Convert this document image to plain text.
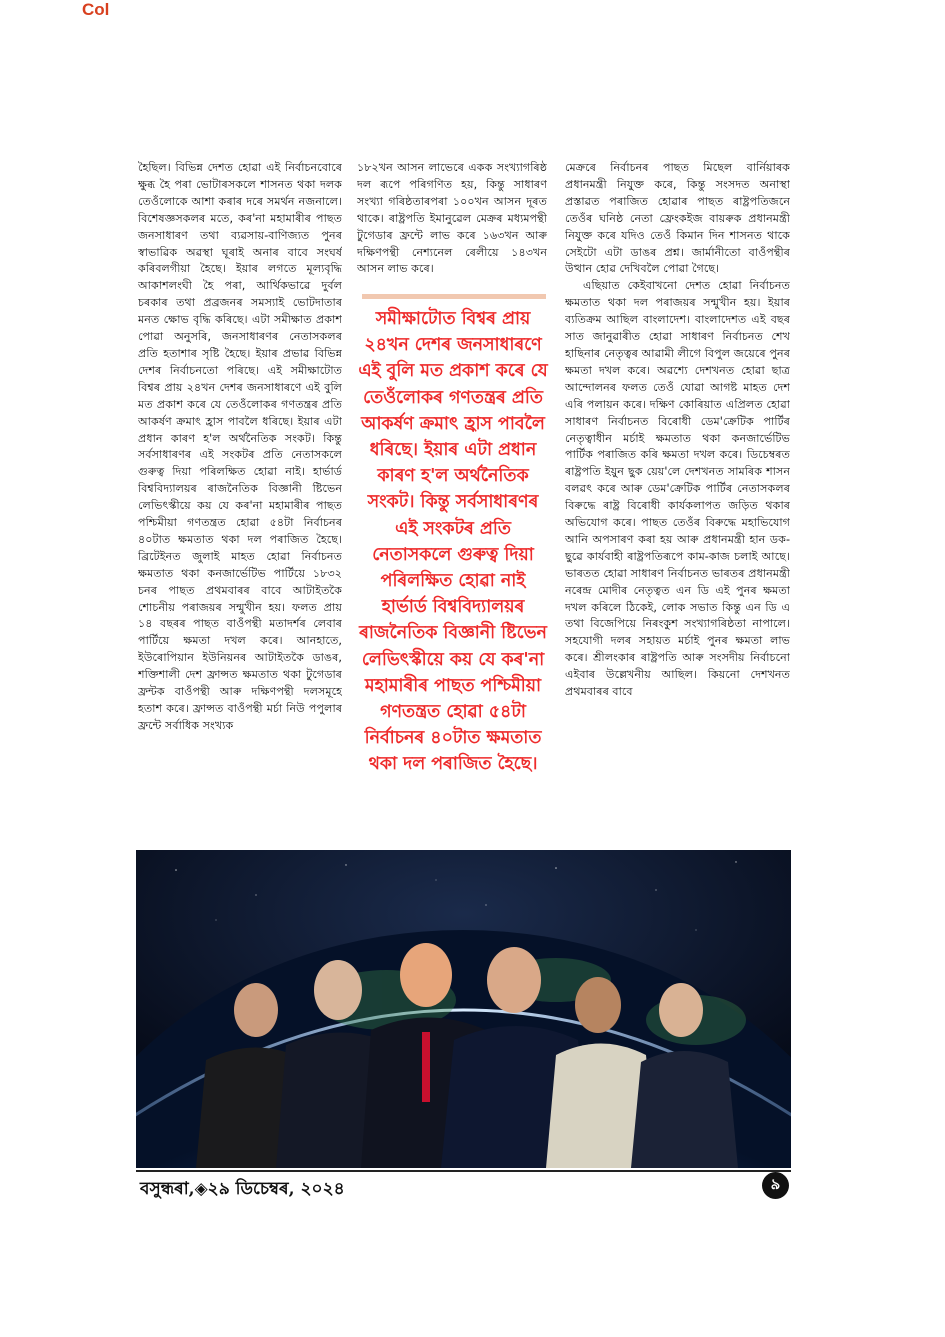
Col

হৈছিল। বিভিন্ন দেশত হোৱা এই নিৰ্বাচনবোৰে ক্ষুব্ধ হৈ পৰা ভোটাৰসকলে শাসনত থকা দলক তেওঁলোকে আশা কৰাৰ দৰে সমৰ্থন নজনালে। বিশেষজ্ঞসকলৰ মতে, কৰ'না মহামাৰীৰ পাছত জনসাধাৰণ তথা ব্যৱসায়-বাণিজ্যত পুনৰ স্বাভাৱিক অৱস্থা ঘূৰাই অনাৰ বাবে সংঘৰ্ষ কৰিবলগীয়া হৈছে। ইয়াৰ লগতে মূল্যবৃদ্ধি আকাশলংঘী হৈ পৰা, আৰ্থিকভাৱে দুৰ্বল চৰকাৰ তথা প্ৰব্ৰজনৰ সমস্যাই ভোটদাতাৰ মনত ক্ষোভ বৃদ্ধি কৰিছে। এটা সমীক্ষাত প্ৰকাশ পোৱা অনুসৰি, জনসাধাৰণৰ নেতাসকলৰ প্ৰতি হতাশাৰ সৃষ্টি হৈছে। ইয়াৰ প্ৰভাৱ বিভিন্ন দেশৰ নিৰ্বাচনতো পৰিছে। এই সমীক্ষাটোত বিশ্বৰ প্ৰায় ২৪খন দেশৰ জনসাধাৰণে এই বুলি মত প্ৰকাশ কৰে যে তেওঁলোকৰ গণতন্ত্ৰৰ প্ৰতি আকৰ্ষণ ক্ৰমাৎ হ্ৰাস পাবলৈ ধৰিছে। ইয়াৰ এটা প্ৰধান কাৰণ হ'ল অৰ্থনৈতিক সংকট। কিন্তু সৰ্বসাধাৰণৰ এই সংকটৰ প্ৰতি নেতাসকলে গুৰুত্ব দিয়া পৰিলক্ষিত হোৱা নাই। হাৰ্ভাৰ্ড বিশ্ববিদ্যালয়ৰ ৰাজনৈতিক বিজ্ঞানী ষ্টিভেন লেভিৎস্কীয়ে কয় যে কৰ'না মহামাৰীৰ পাছত পশ্চিমীয়া গণতন্ত্ৰত হোৱা ৫৪টা নিৰ্বাচনৰ ৪০টাত ক্ষমতাত থকা দল পৰাজিত হৈছে। ব্ৰিটেইনত জুলাই মাহত হোৱা নিৰ্বাচনত ক্ষমতাত থকা কনজাৰ্ভেটিভ পাৰ্টিয়ে ১৮৩২ চনৰ পাছত প্ৰথমবাৰৰ বাবে আটাইতকৈ শোচনীয় পৰাজয়ৰ সন্মুখীন হয়। ফলত প্ৰায় ১৪ বছৰৰ পাছত বাওঁপন্থী মতাদৰ্শৰ লেবাৰ পাৰ্টিয়ে ক্ষমতা দখল কৰে। আনহাতে, ইউৰোপিয়ান ইউনিয়নৰ আটাইতকৈ ডাঙৰ, শক্তিশালী দেশ ফ্ৰান্সত ক্ষমতাত থকা টুগেডাৰ ফ্ৰন্টক বাওঁপন্থী আৰু দক্ষিণপন্থী দলসমূহে হতাশ কৰে। ফ্ৰান্সত বাওঁপন্থী মৰ্চা নিউ পপুলাৰ ফ্ৰন্টে সৰ্বাধিক সংখ্যক

১৮২খন আসন লাভেৰে একক সংখ্যাগৰিষ্ঠ দল ৰূপে পৰিগণিত হয়, কিন্তু সাধাৰণ সংখ্যা গৰিষ্ঠতাৰপৰা ১০০খন আসন দূৰত থাকে। ৰাষ্ট্ৰপতি ইমানুৱেল মেক্ৰৰ মধ্যমপন্থী টুগেডাৰ ফ্ৰন্টে লাভ কৰে ১৬৩খন আৰু দক্ষিণপন্থী নেশ্যনেল ৰেলীয়ে ১৪৩খন আসন লাভ কৰে।

সমীক্ষাটোত বিশ্বৰ প্ৰায় ২৪খন দেশৰ জনসাধাৰণে এই বুলি মত প্ৰকাশ কৰে যে তেওঁলোকৰ গণতন্ত্ৰৰ প্ৰতি আকৰ্ষণ ক্ৰমাৎ হ্ৰাস পাবলৈ ধৰিছে। ইয়াৰ এটা প্ৰধান কাৰণ হ'ল অৰ্থনৈতিক সংকট। কিন্তু সৰ্বসাধাৰণৰ এই সংকটৰ প্ৰতি নেতাসকলে গুৰুত্ব দিয়া পৰিলক্ষিত হোৱা নাই হাৰ্ভাৰ্ড বিশ্ববিদ্যালয়ৰ ৰাজনৈতিক বিজ্ঞানী ষ্টিভেন লেভিৎস্কীয়ে কয় যে কৰ'না মহামাৰীৰ পাছত পশ্চিমীয়া গণতন্ত্ৰত হোৱা ৫৪টা নিৰ্বাচনৰ ৪০টাত ক্ষমতাত থকা দল পৰাজিত হৈছে।

মেক্ৰৰে নিৰ্বাচনৰ পাছত মিছেল বাৰ্নিয়াৰক প্ৰধানমন্ত্ৰী নিযুক্ত কৰে, কিন্তু সংসদত অনাস্থা প্ৰস্তাৱত পৰাজিত হোৱাৰ পাছত ৰাষ্ট্ৰপতিজনে তেওঁৰ ঘনিষ্ঠ নেতা ফ্ৰেংকইজ বায়ৰুক প্ৰধানমন্ত্ৰী নিযুক্ত কৰে যদিও তেওঁ কিমান দিন শাসনত থাকে সেইটো এটা ডাঙৰ প্ৰশ্ন। জাৰ্মানীতো বাওঁপন্থীৰ উত্থান হোৱ দেখিবলৈ পোৱা গৈছে।

এছিয়াত কেইবাখনো দেশত হোৱা নিৰ্বাচনত ক্ষমতাত থকা দল পৰাজয়ৰ সন্মুখীন হয়। ইয়াৰ ব্যতিক্ৰম আছিল বাংলাদেশ। বাংলাদেশত এই বছৰ সাত জানুৱাৰীত হোৱা সাধাৰণ নিৰ্বাচনত শেখ হাছিনাৰ নেতৃত্বৰ আৱামী লীগে বিপুল জয়েৰে পুনৰ ক্ষমতা দখল কৰে। অৱশ্যে দেশখনত হোৱা ছাত্ৰ আন্দোলনৰ ফলত তেওঁ যোৱা আগষ্ট মাহত দেশ এৰি পলায়ন কৰে। দক্ষিণ কোৰিয়াত এপ্ৰিলত হোৱা সাধাৰণ নিৰ্বাচনত বিৰোধী ডেম'ক্ৰেটিক পাৰ্টিৰ নেতৃত্বাধীন মৰ্চাই ক্ষমতাত থকা কনজাৰ্ভেটিভ পাৰ্টিক পৰাজিত কৰি ক্ষমতা দখল কৰে। ডিচেম্বৰত ৰাষ্ট্ৰপতি ইয়ুন ছুক য়েয়'লে দেশখনত সামৰিক শাসন বলৱৎ কৰে আৰু ডেম'ক্ৰেটিক পাৰ্টিৰ নেতাসকলৰ বিৰুদ্ধে ৰাষ্ট্ৰ বিৰোধী কাৰ্যকলাপত জড়িত থকাৰ অভিযোগ কৰে। পাছত তেওঁৰ বিৰুদ্ধে মহাভিযোগ আনি অপসাৰণ কৰা হয় আৰু প্ৰধানমন্ত্ৰী হান ডক-ছুৱে কাৰ্যবাহী ৰাষ্ট্ৰপতিৰূপে কাম-কাজ চলাই আছে। ভাৰতত হোৱা সাধাৰণ নিৰ্বাচনত ভাৰতৰ প্ৰধানমন্ত্ৰী নৰেন্দ্ৰ মোদীৰ নেতৃত্বত এন ডি এই পুনৰ ক্ষমতা দখল কৰিলে ঠিকেই, লোক সভাত কিন্তু এন ডি এ তথা বিজেপিয়ে নিৰংকুশ সংখ্যাগৰিষ্ঠতা নাপালে। সহযোগী দলৰ সহায়ত মৰ্চাই পুনৰ ক্ষমতা লাভ কৰে। শ্ৰীলংকাৰ ৰাষ্ট্ৰপতি আৰু সংসদীয় নিৰ্বাচনো এইবাৰ উল্লেখনীয় আছিল। কিয়নো দেশখনত প্ৰথমবাৰৰ বাবে

বসুন্ধৰা,◈২৯ ডিচেম্বৰ, ২০২৪	৯
